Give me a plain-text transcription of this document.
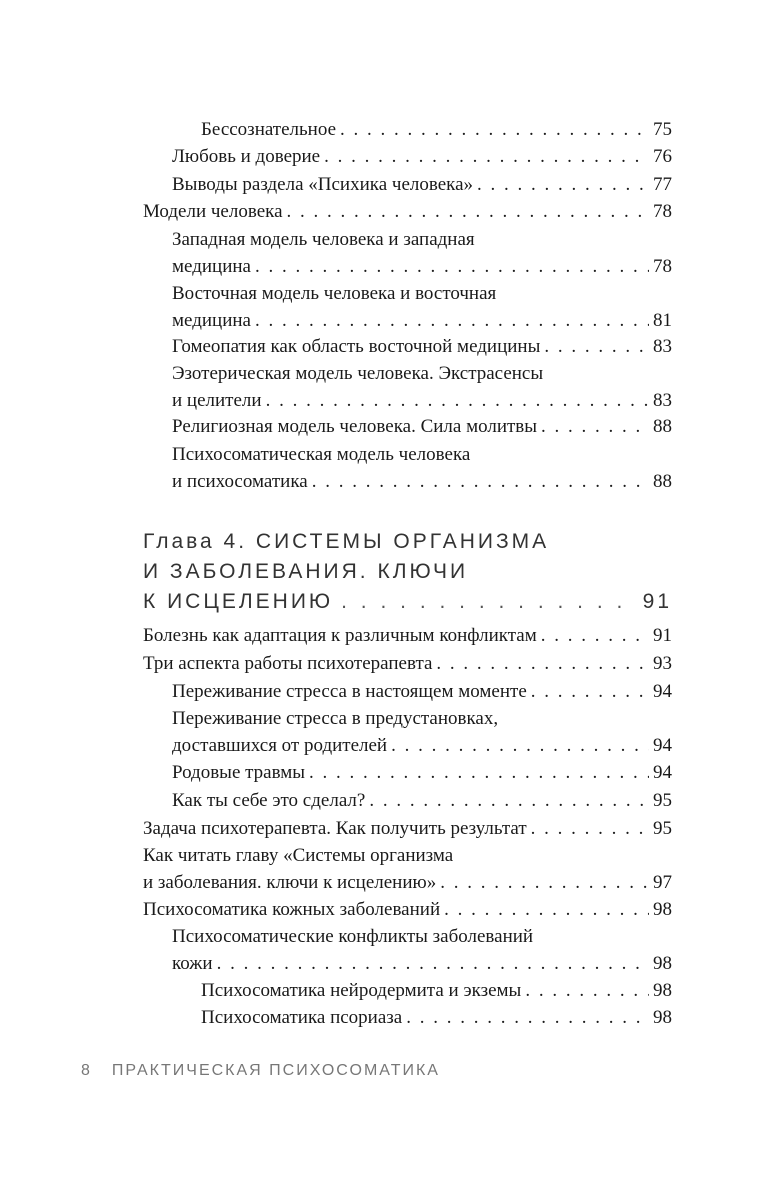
Бессознательное . . .	75
Любовь и доверие . . .	76
Выводы раздела «Психика человека» . . .	77
Модели человека . . .	78
Западная модель человека и западная
медицина . . .	78
Восточная модель человека и восточная
медицина . . .	81
Гомеопатия как область восточной медицины . . .	83
Эзотерическая модель человека. Экстрасенсы
и целители . . .	83
Религиозная модель человека. Сила молитвы . . .	88
Психосоматическая модель человека
и психосоматика . . .	88
Глава 4. СИСТЕМЫ ОРГАНИЗМА
И ЗАБОЛЕВАНИЯ. КЛЮЧИ
К ИСЦЕЛЕНИЮ . . .	91
Болезнь как адаптация к различным конфликтам . . .	91
Три аспекта работы психотерапевта . . .	93
Переживание стресса в настоящем моменте . . .	94
Переживание стресса в предустановках,
доставшихся от родителей . . .	94
Родовые травмы . . .	94
Как ты себе это сделал? . . .	95
Задача психотерапевта. Как получить результат . . .	95
Как читать главу «Системы организма
и заболевания. ключи к исцелению» . . .	97
Психосоматика кожных заболеваний . . .	98
Психосоматические конфликты заболеваний
кожи . . .	98
Психосоматика нейродермита и экземы . . .	98
Психосоматика псориаза . . .	98
8 ПРАКТИЧЕСКАЯ ПСИХОСОМАТИКА
